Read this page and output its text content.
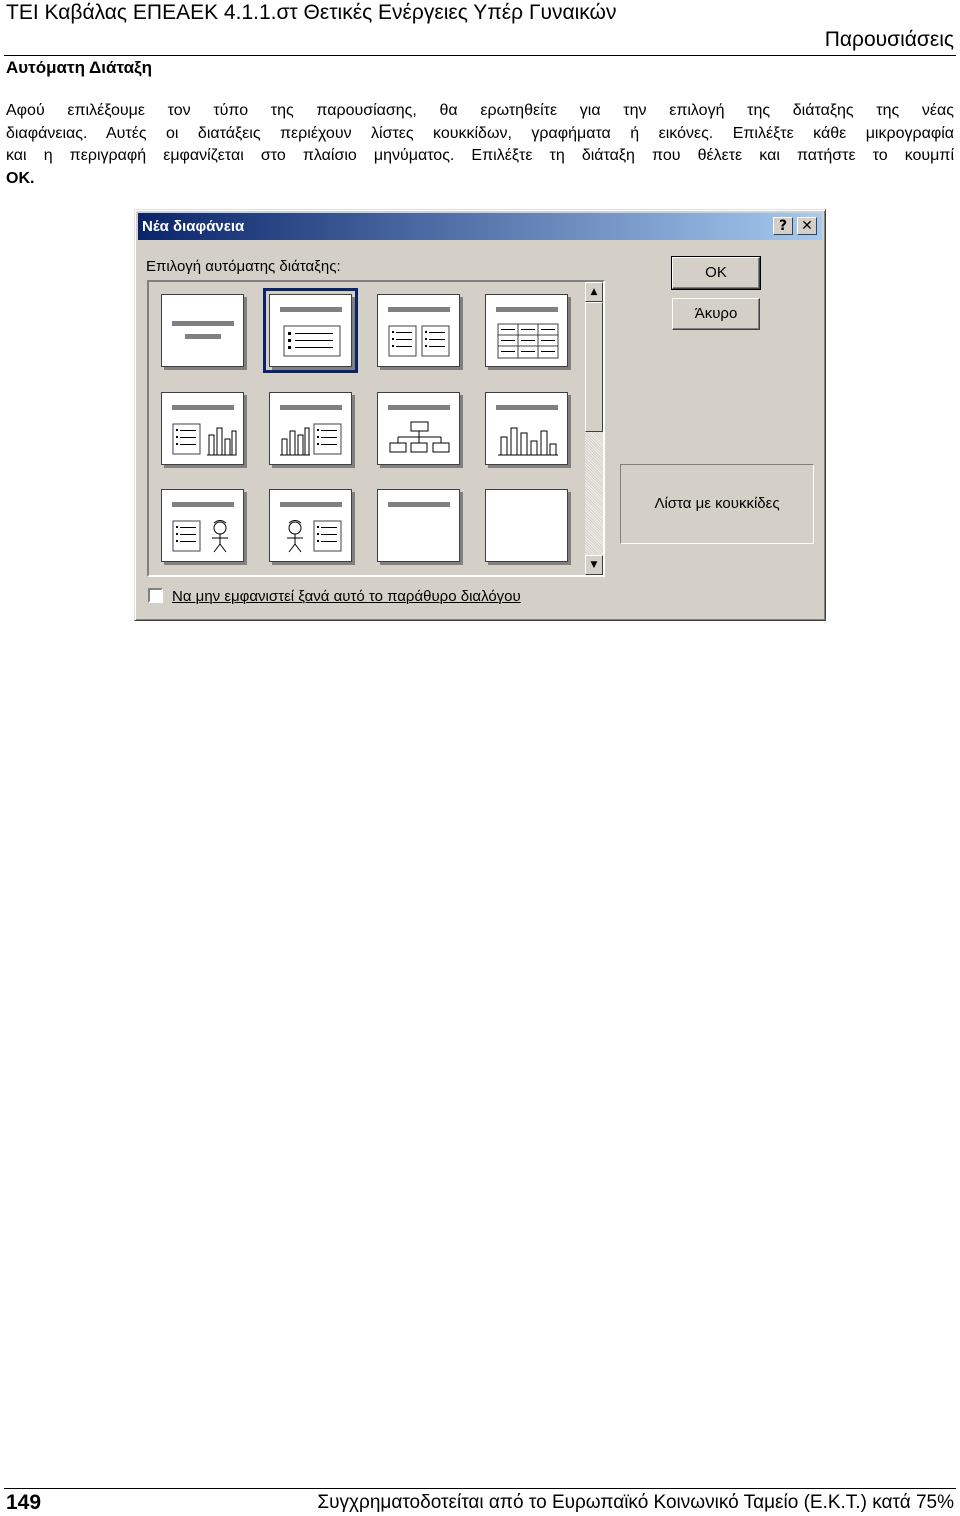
ΤΕΙ Καβάλας ΕΠΕΑΕΚ 4.1.1.στ Θετικές Ενέργειες Υπέρ Γυναικών
Παρουσιάσεις
Αυτόματη Διάταξη
Αφού επιλέξουμε τον τύπο της παρουσίασης, θα ερωτηθείτε για την επιλογή της διάταξης της νέας
διαφάνειας. Αυτές οι διατάξεις περιέχουν λίστες κουκκίδων, γραφήματα ή εικόνες. Επιλέξτε κάθε μικρογραφία
και η περιγραφή εμφανίζεται στο πλαίσιο μηνύματος. Επιλέξτε τη διάταξη που θέλετε και πατήστε το κουμπί
ΟΚ.
Νέα διαφάνεια	?	✕
Επιλογή αυτόματης διάταξης:
▲
▼
ΟΚ
Άκυρο
Λίστα με κουκκίδες
Να μην εμφανιστεί ξανά αυτό το παράθυρο διαλόγου
149	Συγχρηματοδοτείται από το Ευρωπαϊκό Κοινωνικό Ταμείο (Ε.Κ.Τ.) κατά 75%
